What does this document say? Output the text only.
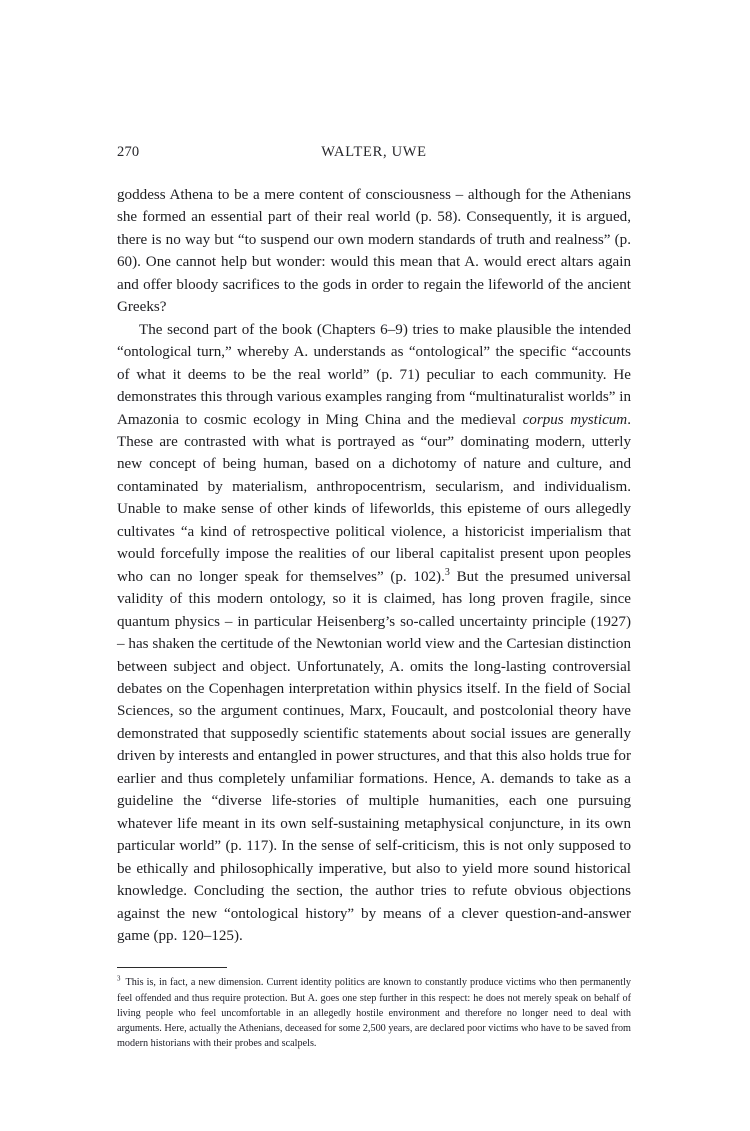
270	WALTER, UWE

goddess Athena to be a mere content of consciousness – although for the Athenians she formed an essential part of their real world (p. 58). Consequently, it is argued, there is no way but “to suspend our own modern standards of truth and realness” (p. 60). One cannot help but wonder: would this mean that A. would erect altars again and offer bloody sacrifices to the gods in order to regain the lifeworld of the ancient Greeks?

The second part of the book (Chapters 6–9) tries to make plausible the intended “ontological turn,” whereby A. understands as “ontological” the specific “accounts of what it deems to be the real world” (p. 71) peculiar to each community. He demonstrates this through various examples ranging from “multinaturalist worlds” in Amazonia to cosmic ecology in Ming China and the medieval corpus mysticum. These are contrasted with what is portrayed as “our” dominating modern, utterly new concept of being human, based on a dichotomy of nature and culture, and contaminated by materialism, anthropocentrism, secularism, and individualism. Unable to make sense of other kinds of lifeworlds, this episteme of ours allegedly cultivates “a kind of retrospective political violence, a historicist imperialism that would forcefully impose the realities of our liberal capitalist present upon peoples who can no longer speak for themselves” (p. 102).$^3$ But the presumed universal validity of this modern ontology, so it is claimed, has long proven fragile, since quantum physics – in particular Heisenberg’s so-called uncertainty principle (1927) – has shaken the certitude of the Newtonian world view and the Cartesian distinction between subject and object. Unfortunately, A. omits the long-lasting controversial debates on the Copenhagen interpretation within physics itself. In the field of Social Sciences, so the argument continues, Marx, Foucault, and postcolonial theory have demonstrated that supposedly scientific statements about social issues are generally driven by interests and entangled in power structures, and that this also holds true for earlier and thus completely unfamiliar formations. Hence, A. demands to take as a guideline the “diverse life-stories of multiple humanities, each one pursuing whatever life meant in its own self-sustaining metaphysical conjuncture, in its own particular world” (p. 117). In the sense of self-criticism, this is not only supposed to be ethically and philosophically imperative, but also to yield more sound historical knowledge. Concluding the section, the author tries to refute obvious objections against the new “ontological history” by means of a clever question-and-answer game (pp. 120–125).

$^3$ This is, in fact, a new dimension. Current identity politics are known to constantly produce victims who then permanently feel offended and thus require protection. But A. goes one step further in this respect: he does not merely speak on behalf of living people who feel uncomfortable in an allegedly hostile environment and therefore no longer need to deal with arguments. Here, actually the Athenians, deceased for some 2,500 years, are declared poor victims who have to be saved from modern historians with their probes and scalpels.
